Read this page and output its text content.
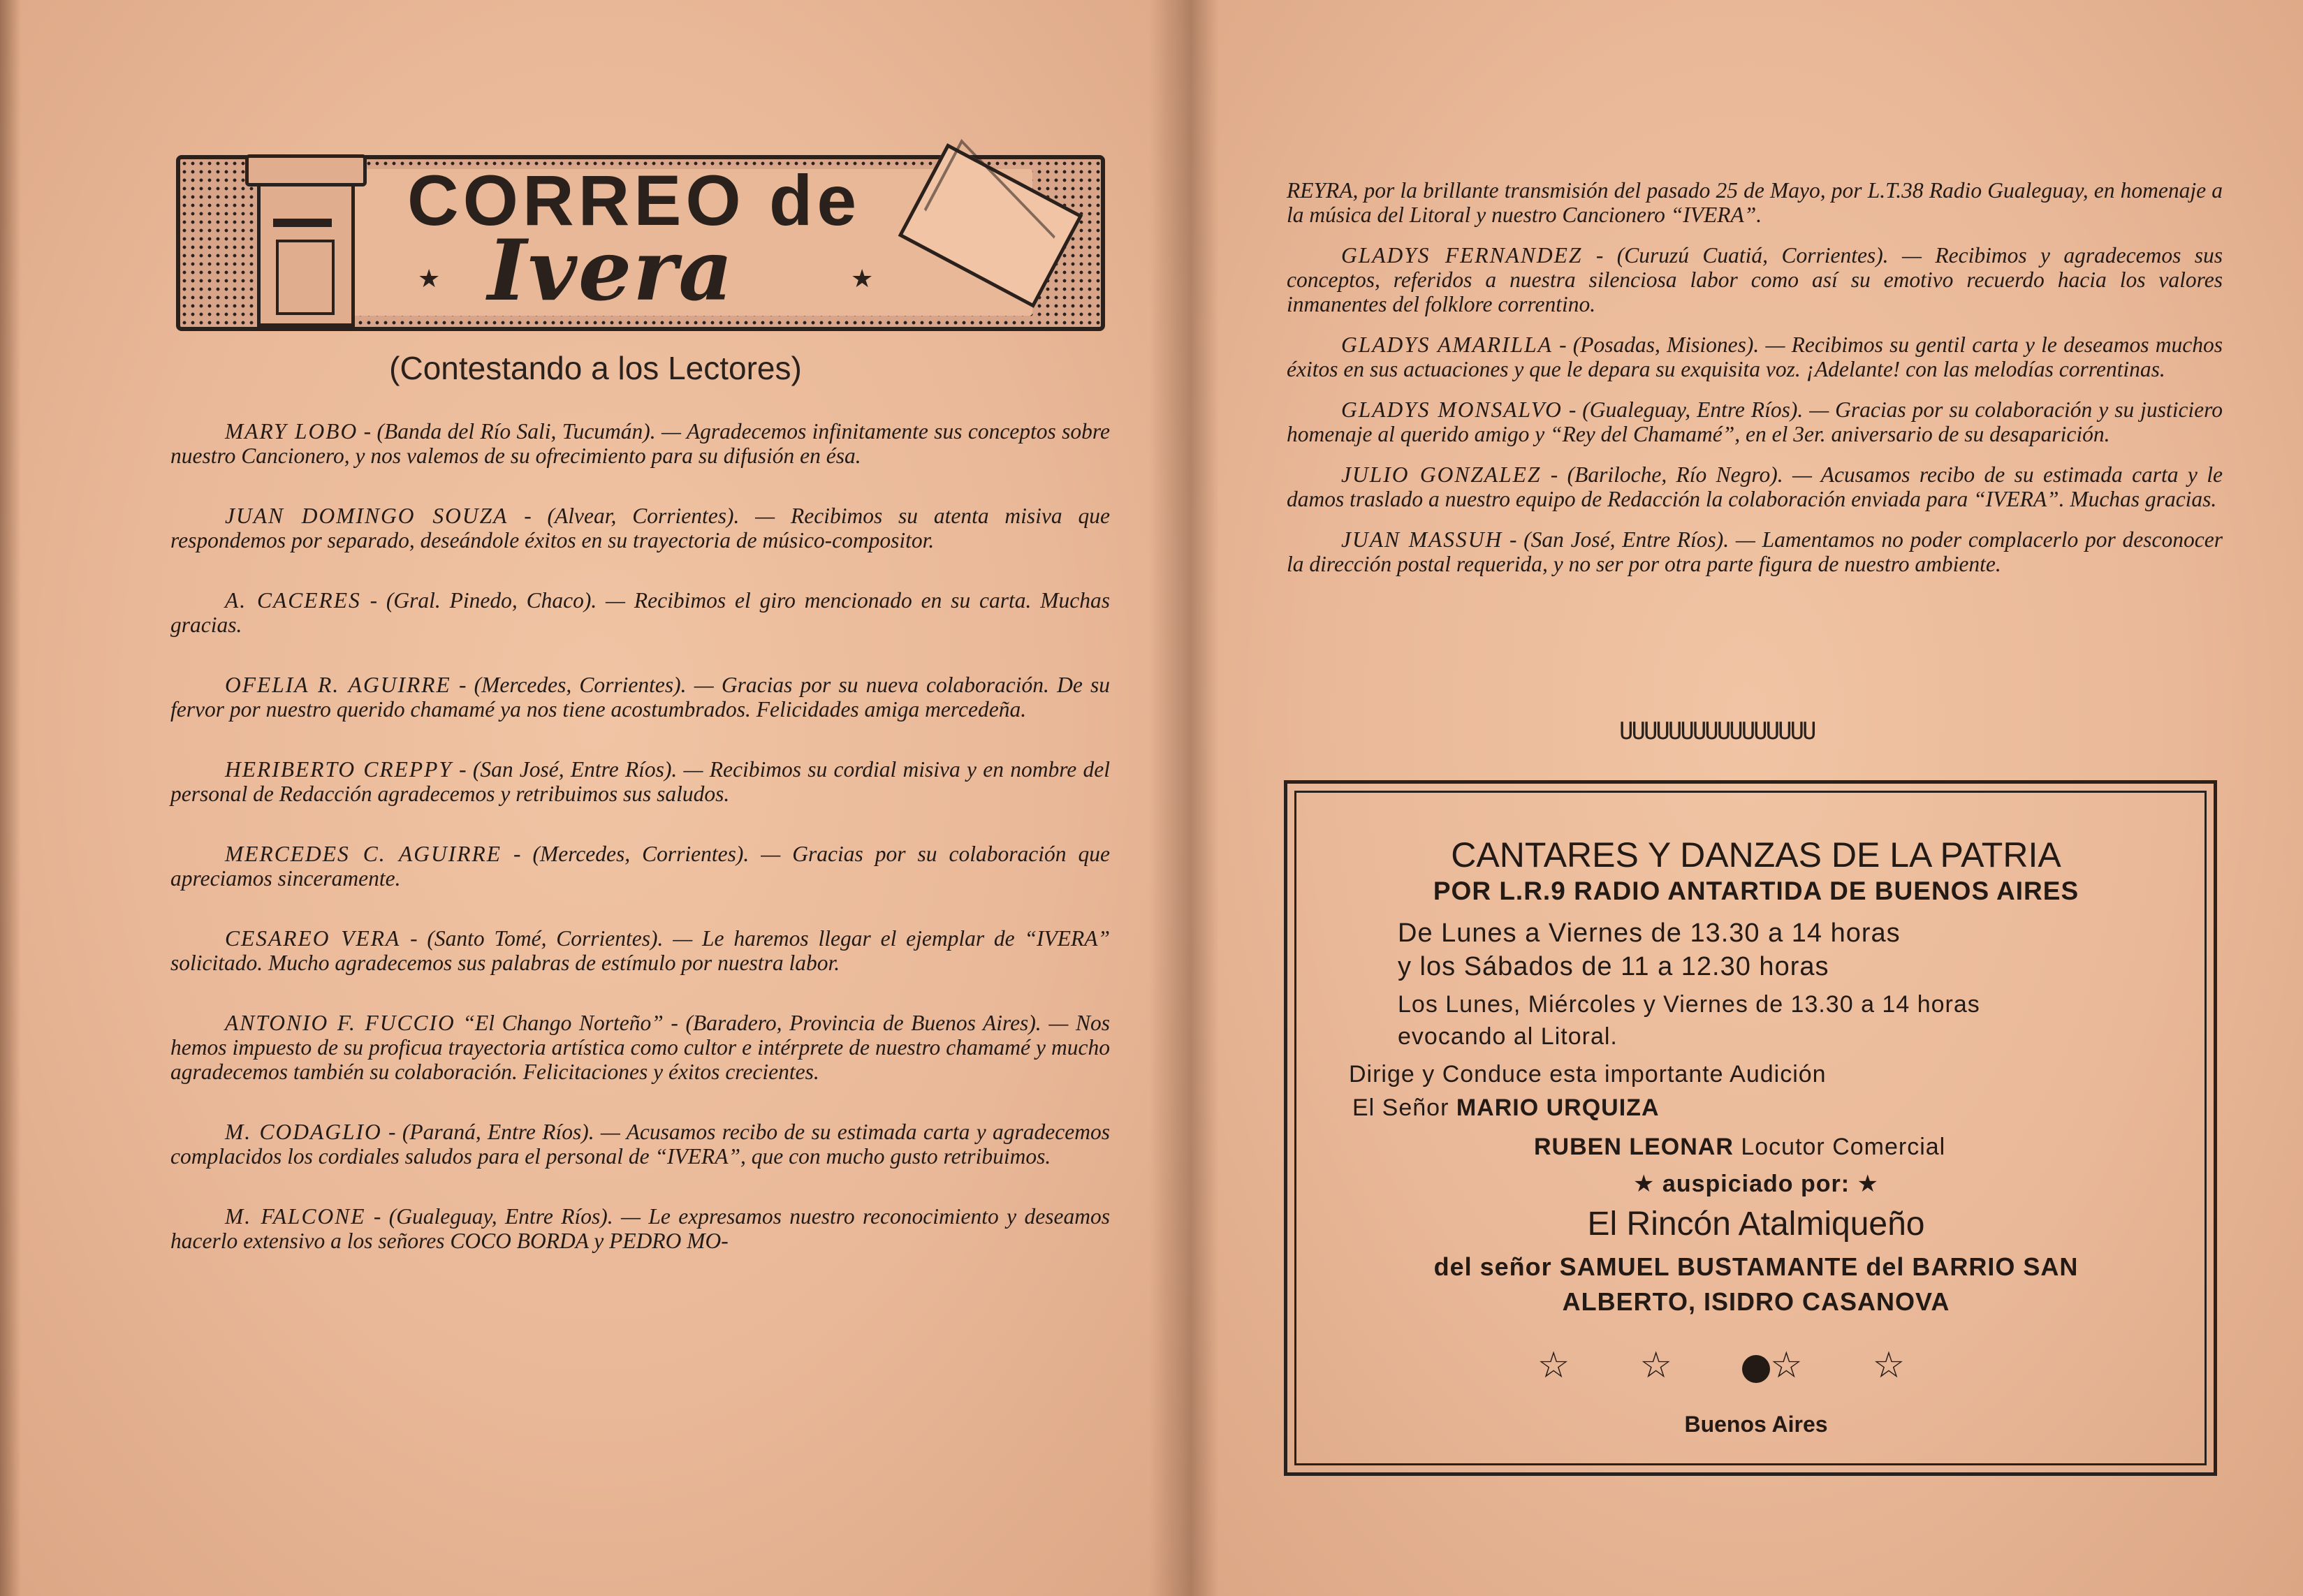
CORREO de
Ivera
★	★
(Contestando a los Lectores)

MARY LOBO - (Banda del Río Sali, Tucumán). — Agradecemos infinitamente sus conceptos sobre nuestro Cancionero, y nos valemos de su ofrecimiento para su difusión en ésa.

JUAN DOMINGO SOUZA - (Alvear, Corrientes). — Recibimos su atenta misiva que respondemos por separado, deseándole éxitos en su trayectoria de músico-compositor.

A. CACERES - (Gral. Pinedo, Chaco). — Recibimos el giro mencionado en su carta. Muchas gracias.

OFELIA R. AGUIRRE - (Mercedes, Corrientes). — Gracias por su nueva colaboración. De su fervor por nuestro querido chamamé ya nos tiene acostumbrados. Felicidades amiga mercedeña.

HERIBERTO CREPPY - (San José, Entre Ríos). — Recibimos su cordial misiva y en nombre del personal de Redacción agradecemos y retribuimos sus saludos.

MERCEDES C. AGUIRRE - (Mercedes, Corrientes). — Gracias por su colaboración que apreciamos sinceramente.

CESAREO VERA - (Santo Tomé, Corrientes). — Le haremos llegar el ejemplar de “IVERA” solicitado. Mucho agradecemos sus palabras de estímulo por nuestra labor.

ANTONIO F. FUCCIO “El Chango Norteño” - (Baradero, Provincia de Buenos Aires). — Nos hemos impuesto de su proficua trayectoria artística como cultor e intérprete de nuestro chamamé y mucho agradecemos también su colaboración. Felicitaciones y éxitos crecientes.

M. CODAGLIO - (Paraná, Entre Ríos). — Acusamos recibo de su estimada carta y agradecemos complacidos los cordiales saludos para el personal de “IVERA”, que con mucho gusto retribuimos.

M. FALCONE - (Gualeguay, Entre Ríos). — Le expresamos nuestro reconocimiento y deseamos hacerlo extensivo a los señores COCO BORDA y PEDRO MO-

REYRA, por la brillante transmisión del pasado 25 de Mayo, por L.T.38 Radio Gualeguay, en homenaje a la música del Litoral y nuestro Cancionero “IVERA”.

GLADYS FERNANDEZ - (Curuzú Cuatiá, Corrientes). — Recibimos y agradecemos sus conceptos, referidos a nuestra silenciosa labor como así su emotivo recuerdo hacia los valores inmanentes del folklore correntino.

GLADYS AMARILLA - (Posadas, Misiones). — Recibimos su gentil carta y le deseamos muchos éxitos en sus actuaciones y que le depara su exquisita voz. ¡Adelante! con las melodías correntinas.

GLADYS MONSALVO - (Gualeguay, Entre Ríos). — Gracias por su colaboración y su justiciero homenaje al querido amigo y “Rey del Chamamé”, en el 3er. aniversario de su desaparición.

JULIO GONZALEZ - (Bariloche, Río Negro). — Acusamos recibo de su estimada carta y le damos traslado a nuestro equipo de Redacción la colaboración enviada para “IVERA”. Muchas gracias.

JUAN MASSUH - (San José, Entre Ríos). — Lamentamos no poder complacerlo por desconocer la dirección postal requerida, y no ser por otra parte figura de nuestro ambiente.

UUUUUUUUUUUUUUUU
CANTARES Y DANZAS DE LA PATRIA
POR L.R.9 RADIO ANTARTIDA DE BUENOS AIRES
De Lunes a Viernes de 13.30 a 14 horas
y los Sábados de 11 a 12.30 horas
Los Lunes, Miércoles y Viernes de 13.30 a 14 horas
evocando al Litoral.
Dirige y Conduce esta importante Audición
El Señor MARIO URQUIZA
RUBEN LEONAR Locutor Comercial
★ auspiciado por: ★
El Rincón Atalmiqueño
del señor SAMUEL BUSTAMANTE del BARRIO SAN
ALBERTO, ISIDRO CASANOVA
☆☆ ☆☆
Buenos Aires
